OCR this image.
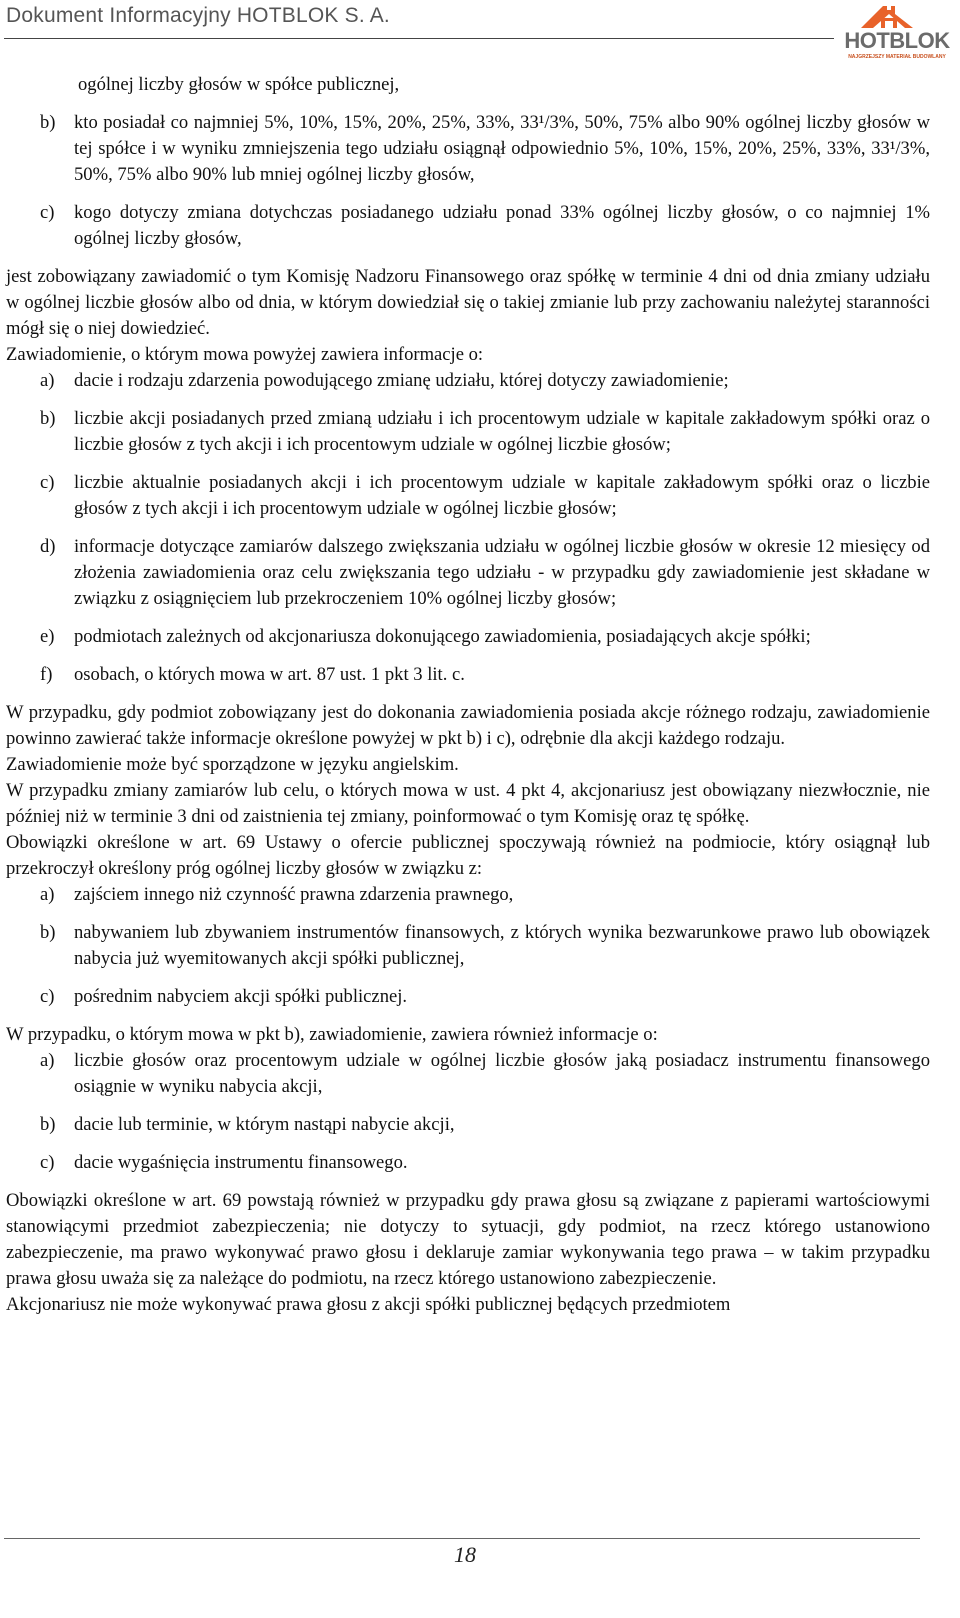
Dokument Informacyjny HOTBLOK S. A.
HOTBLOK
NAJGRZEJSZY MATERIAŁ BUDOWLANY
ogólnej liczby głosów w spółce publicznej,
b) kto posiadał co najmniej 5%, 10%, 15%, 20%, 25%, 33%, 33¹/3%, 50%, 75% albo 90% ogólnej liczby głosów w tej spółce i w wyniku zmniejszenia tego udziału osiągnął odpowiednio 5%, 10%, 15%, 20%, 25%, 33%, 33¹/3%, 50%, 75% albo 90% lub mniej ogólnej liczby głosów,
c)	kogo dotyczy zmiana dotychczas posiadanego udziału ponad 33% ogólnej liczby głosów, o co najmniej 1% ogólnej liczby głosów,

jest zobowiązany zawiadomić o tym Komisję Nadzoru Finansowego oraz spółkę w terminie 4 dni od dnia zmiany udziału w ogólnej liczbie głosów albo od dnia, w którym dowiedział się o takiej zmianie lub przy zachowaniu należytej staranności mógł się o niej dowiedzieć.

Zawiadomienie, o którym mowa powyżej zawiera informacje o:

a)	dacie i rodzaju zdarzenia powodującego zmianę udziału, której dotyczy zawiadomienie;
b) liczbie akcji posiadanych przed zmianą udziału i ich procentowym udziale w kapitale zakładowym spółki oraz o liczbie głosów z tych akcji i ich procentowym udziale w ogólnej liczbie głosów;
c)	liczbie aktualnie posiadanych akcji i ich procentowym udziale w kapitale zakładowym spółki oraz o liczbie głosów z tych akcji i ich procentowym udziale w ogólnej liczbie głosów;
d) informacje dotyczące zamiarów dalszego zwiększania udziału w ogólnej liczbie głosów w okresie 12 miesięcy od złożenia zawiadomienia oraz celu zwiększania tego udziału - w przypadku gdy zawiadomienie jest składane w związku z osiągnięciem lub przekroczeniem 10% ogólnej liczby głosów;
e)	podmiotach zależnych od akcjonariusza dokonującego zawiadomienia, posiadających akcje spółki;
f)	osobach, o których mowa w art. 87 ust. 1 pkt 3 lit. c.

W przypadku, gdy podmiot zobowiązany jest do dokonania zawiadomienia posiada akcje różnego rodzaju, zawiadomienie powinno zawierać także informacje określone powyżej w pkt b) i c), odrębnie dla akcji każdego rodzaju.

Zawiadomienie może być sporządzone w języku angielskim.

W przypadku zmiany zamiarów lub celu, o których mowa w ust. 4 pkt 4, akcjonariusz jest obowiązany niezwłocznie, nie później niż w terminie 3 dni od zaistnienia tej zmiany, poinformować o tym Komisję oraz tę spółkę.

Obowiązki określone w art. 69 Ustawy o ofercie publicznej spoczywają również na podmiocie, który osiągnął lub przekroczył określony próg ogólnej liczby głosów w związku z:

a)	zajściem innego niż czynność prawna zdarzenia prawnego,
b) nabywaniem lub zbywaniem instrumentów finansowych, z których wynika bezwarunkowe prawo lub obowiązek nabycia już wyemitowanych akcji spółki publicznej,
c)	pośrednim nabyciem akcji spółki publicznej.

W przypadku, o którym mowa w pkt b), zawiadomienie, zawiera również informacje o:

a)	liczbie głosów oraz procentowym udziale w ogólnej liczbie głosów jaką posiadacz instrumentu finansowego osiągnie w wyniku nabycia akcji,
b) dacie lub terminie, w którym nastąpi nabycie akcji,
c)	dacie wygaśnięcia instrumentu finansowego.

Obowiązki określone w art. 69 powstają również w przypadku gdy prawa głosu są związane z papierami wartościowymi stanowiącymi przedmiot zabezpieczenia; nie dotyczy to sytuacji, gdy podmiot, na rzecz którego ustanowiono zabezpieczenie, ma prawo wykonywać prawo głosu i deklaruje zamiar wykonywania tego prawa – w takim przypadku prawa głosu uważa się za należące do podmiotu, na rzecz którego ustanowiono zabezpieczenie.

Akcjonariusz nie może wykonywać prawa głosu z akcji spółki publicznej będących przedmiotem

18
